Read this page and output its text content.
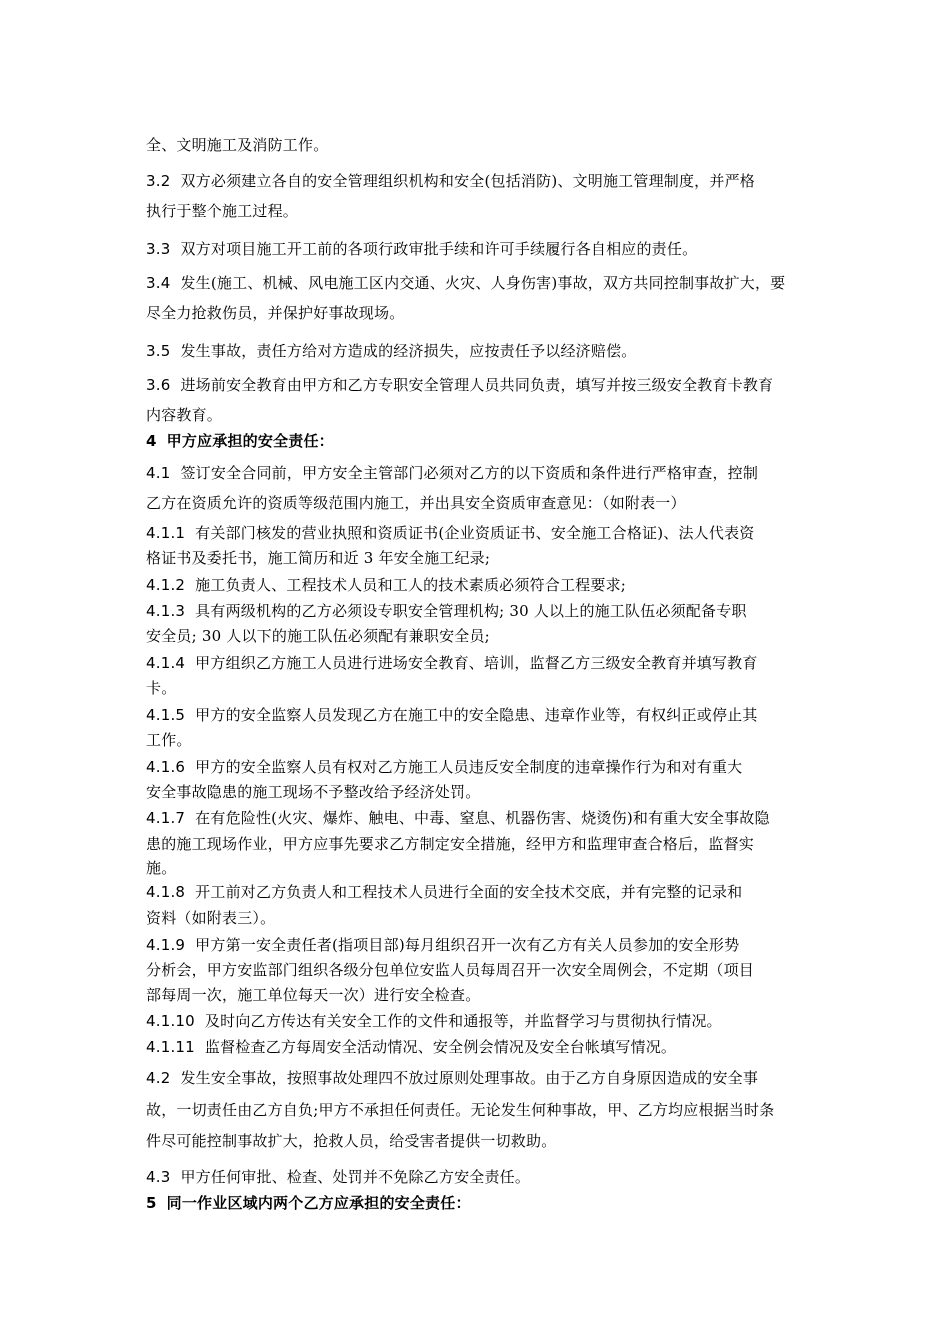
全、文明施工及消防工作。
3.2 双方必须建立各自的安全管理组织机构和安全(包括消防)、文明施工管理制度，并严格
执行于整个施工过程。
3.3 双方对项目施工开工前的各项行政审批手续和许可手续履行各自相应的责任。
3.4 发生(施工、机械、风电施工区内交通、火灾、人身伤害)事故，双方共同控制事故扩大，要
尽全力抢救伤员，并保护好事故现场。
3.5 发生事故，责任方给对方造成的经济损失，应按责任予以经济赔偿。
3.6 进场前安全教育由甲方和乙方专职安全管理人员共同负责，填写并按三级安全教育卡教育
内容教育。
4 甲方应承担的安全责任：
4.1 签订安全合同前，甲方安全主管部门必须对乙方的以下资质和条件进行严格审查，控制
乙方在资质允许的资质等级范围内施工，并出具安全资质审查意见：（如附表一）
4.1.1 有关部门核发的营业执照和资质证书(企业资质证书、安全施工合格证)、法人代表资
格证书及委托书，施工简历和近 3 年安全施工纪录;
4.1.2 施工负责人、工程技术人员和工人的技术素质必须符合工程要求;
4.1.3 具有两级机构的乙方必须设专职安全管理机构; 30 人以上的施工队伍必须配备专职
安全员; 30 人以下的施工队伍必须配有兼职安全员;
4.1.4 甲方组织乙方施工人员进行进场安全教育、培训，监督乙方三级安全教育并填写教育
卡。
4.1.5 甲方的安全监察人员发现乙方在施工中的安全隐患、违章作业等，有权纠正或停止其
工作。
4.1.6 甲方的安全监察人员有权对乙方施工人员违反安全制度的违章操作行为和对有重大
安全事故隐患的施工现场不予整改给予经济处罚。
4.1.7 在有危险性(火灾、爆炸、触电、中毒、窒息、机器伤害、烧烫伤)和有重大安全事故隐
患的施工现场作业，甲方应事先要求乙方制定安全措施，经甲方和监理审查合格后，监督实
施。
4.1.8 开工前对乙方负责人和工程技术人员进行全面的安全技术交底，并有完整的记录和
资料（如附表三）。
4.1.9 甲方第一安全责任者(指项目部)每月组织召开一次有乙方有关人员参加的安全形势
分析会，甲方安监部门组织各级分包单位安监人员每周召开一次安全周例会，不定期（项目
部每周一次，施工单位每天一次）进行安全检查。
4.1.10 及时向乙方传达有关安全工作的文件和通报等，并监督学习与贯彻执行情况。
4.1.11 监督检查乙方每周安全活动情况、安全例会情况及安全台帐填写情况。
4.2 发生安全事故，按照事故处理四不放过原则处理事故。由于乙方自身原因造成的安全事
故，一切责任由乙方自负;甲方不承担任何责任。无论发生何种事故，甲、乙方均应根据当时条
件尽可能控制事故扩大，抢救人员，给受害者提供一切救助。
4.3 甲方任何审批、检查、处罚并不免除乙方安全责任。
5 同一作业区域内两个乙方应承担的安全责任：
